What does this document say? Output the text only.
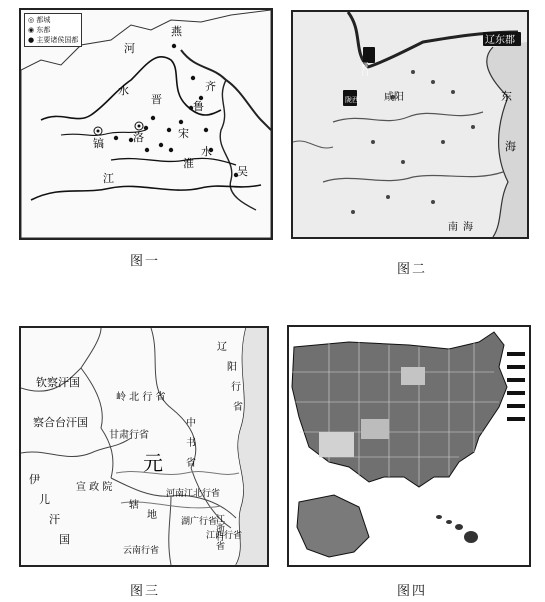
燕
河
水	齐
晋
鲁
镐	洛	宋
淮
水
江
吴
◎ 都城
◉ 东都
● 主要诸侯国都
图一
辽东郡
咸阳	东
海
南 海
雁门
陇西
图二
钦察汗国
察合台汗国
伊
儿
汗
国
辽
阳
行
省
岭 北 行 省
甘肃行省
中
书
省
元
宣 政 院
辖
地
河南江北行省
江浙行省
湖广行省
江西行省
云南行省
图三	图四
